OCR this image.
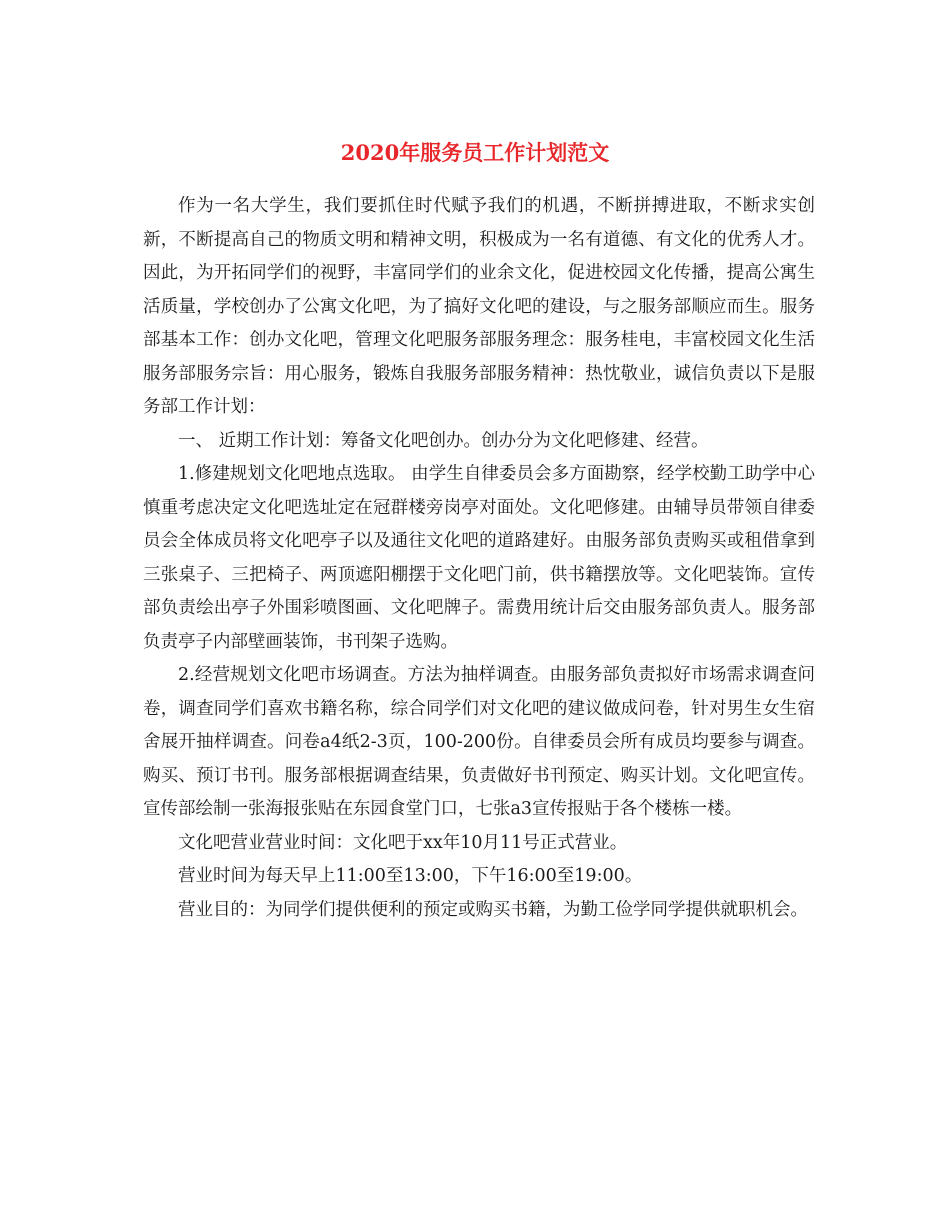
2020年服务员工作计划范文

作为一名大学生，我们要抓住时代赋予我们的机遇，不断拼搏进取，不断求实创新，不断提高自己的物质文明和精神文明，积极成为一名有道德、有文化的优秀人才。因此，为开拓同学们的视野，丰富同学们的业余文化，促进校园文化传播，提高公寓生活质量，学校创办了公寓文化吧，为了搞好文化吧的建设，与之服务部顺应而生。服务部基本工作：创办文化吧，管理文化吧服务部服务理念：服务桂电，丰富校园文化生活服务部服务宗旨：用心服务，锻炼自我服务部服务精神：热忱敬业，诚信负责以下是服务部工作计划：

一、 近期工作计划：筹备文化吧创办。创办分为文化吧修建、经营。

1.修建规划文化吧地点选取。 由学生自律委员会多方面勘察，经学校勤工助学中心慎重考虑决定文化吧选址定在冠群楼旁岗亭对面处。文化吧修建。由辅导员带领自律委员会全体成员将文化吧亭子以及通往文化吧的道路建好。由服务部负责购买或租借拿到三张桌子、三把椅子、两顶遮阳棚摆于文化吧门前，供书籍摆放等。文化吧装饰。宣传部负责绘出亭子外围彩喷图画、文化吧牌子。需费用统计后交由服务部负责人。服务部负责亭子内部壁画装饰，书刊架子选购。

2.经营规划文化吧市场调查。方法为抽样调查。由服务部负责拟好市场需求调查问卷，调查同学们喜欢书籍名称，综合同学们对文化吧的建议做成问卷，针对男生女生宿舍展开抽样调查。问卷a4纸2-3页，100-200份。自律委员会所有成员均要参与调查。购买、预订书刊。服务部根据调查结果，负责做好书刊预定、购买计划。文化吧宣传。宣传部绘制一张海报张贴在东园食堂门口，七张a3宣传报贴于各个楼栋一楼。

文化吧营业营业时间：文化吧于xx年10月11号正式营业。

营业时间为每天早上11:00至13:00，下午16:00至19:00。

营业目的：为同学们提供便利的预定或购买书籍，为勤工俭学同学提供就职机会。
